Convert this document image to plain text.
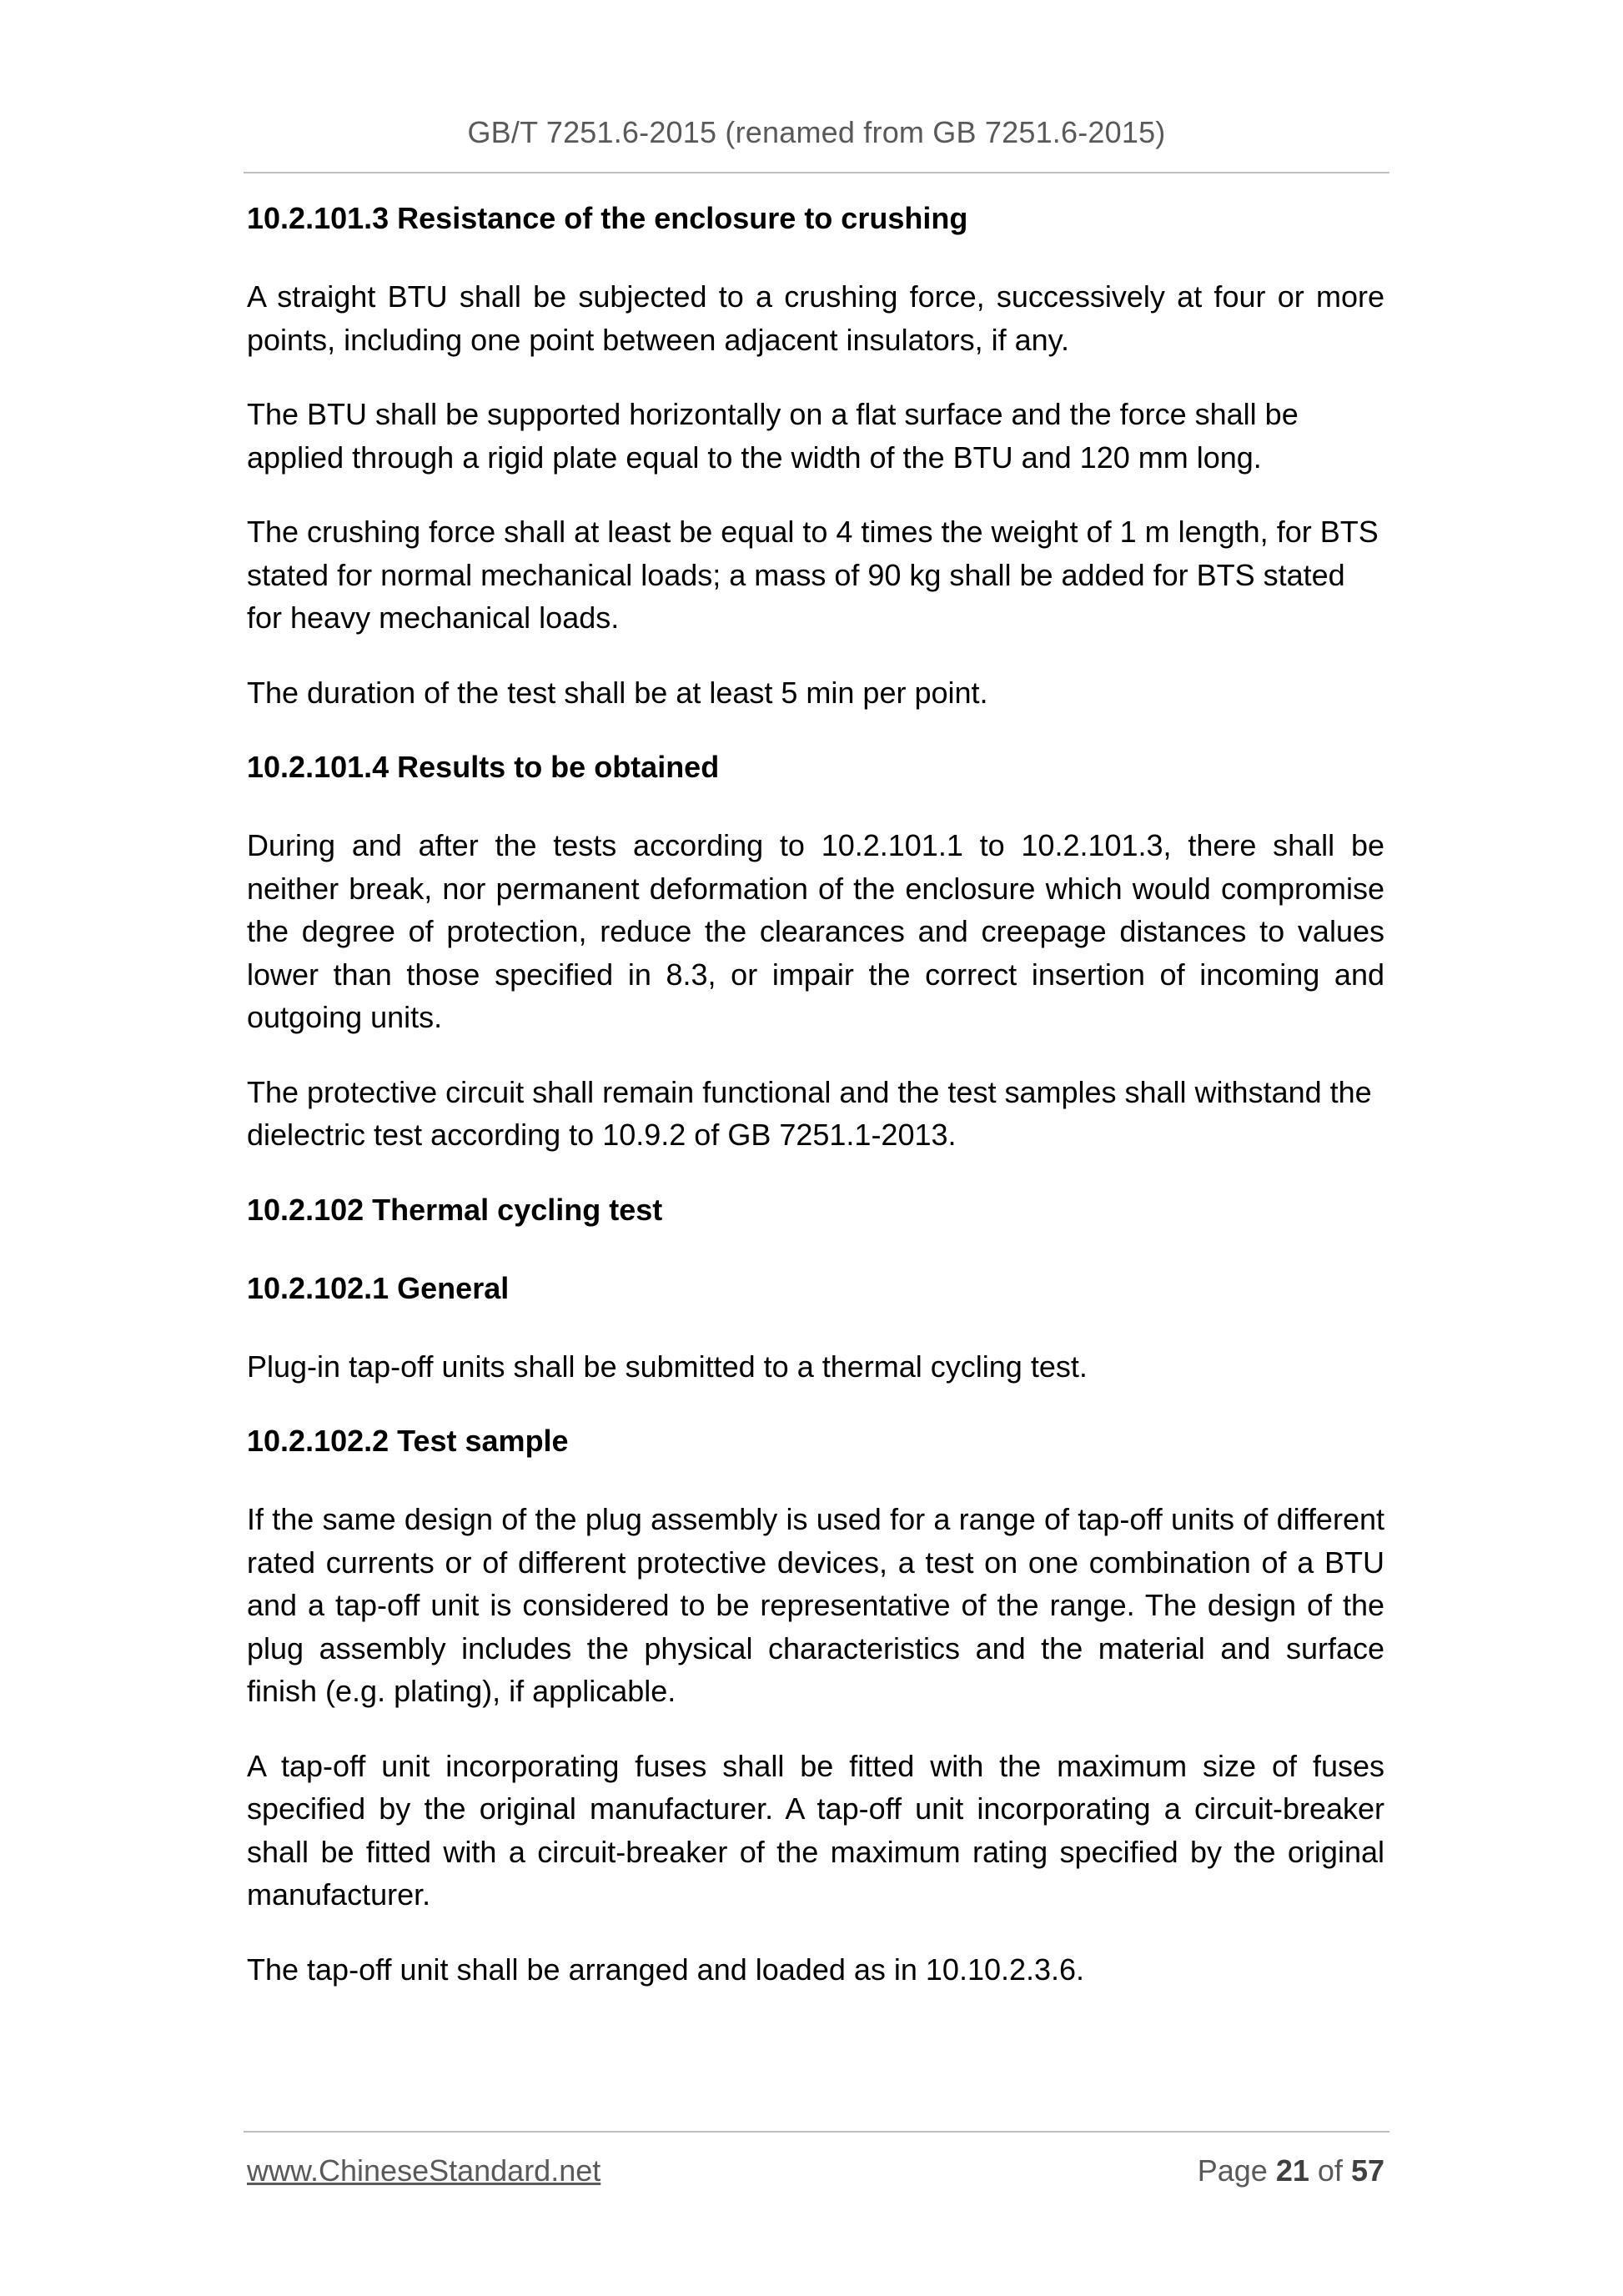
GB/T 7251.6-2015 (renamed from GB 7251.6-2015)
10.2.101.3 Resistance of the enclosure to crushing

A straight BTU shall be subjected to a crushing force, successively at four or more points, including one point between adjacent insulators, if any.

The BTU shall be supported horizontally on a flat surface and the force shall be applied through a rigid plate equal to the width of the BTU and 120 mm long.

The crushing force shall at least be equal to 4 times the weight of 1 m length, for BTS stated for normal mechanical loads; a mass of 90 kg shall be added for BTS stated for heavy mechanical loads.

The duration of the test shall be at least 5 min per point.

10.2.101.4 Results to be obtained

During and after the tests according to 10.2.101.1 to 10.2.101.3, there shall be neither break, nor permanent deformation of the enclosure which would compromise the degree of protection, reduce the clearances and creepage distances to values lower than those specified in 8.3, or impair the correct insertion of incoming and outgoing units.

The protective circuit shall remain functional and the test samples shall withstand the dielectric test according to 10.9.2 of GB 7251.1-2013.

10.2.102 Thermal cycling test
10.2.102.1 General

Plug-in tap-off units shall be submitted to a thermal cycling test.

10.2.102.2 Test sample

If the same design of the plug assembly is used for a range of tap-off units of different rated currents or of different protective devices, a test on one combination of a BTU and a tap-off unit is considered to be representative of the range. The design of the plug assembly includes the physical characteristics and the material and surface finish (e.g. plating), if applicable.

A tap-off unit incorporating fuses shall be fitted with the maximum size of fuses specified by the original manufacturer. A tap-off unit incorporating a circuit-breaker shall be fitted with a circuit-breaker of the maximum rating specified by the original manufacturer.

The tap-off unit shall be arranged and loaded as in 10.10.2.3.6.

www.ChineseStandard.net	Page 21 of 57
